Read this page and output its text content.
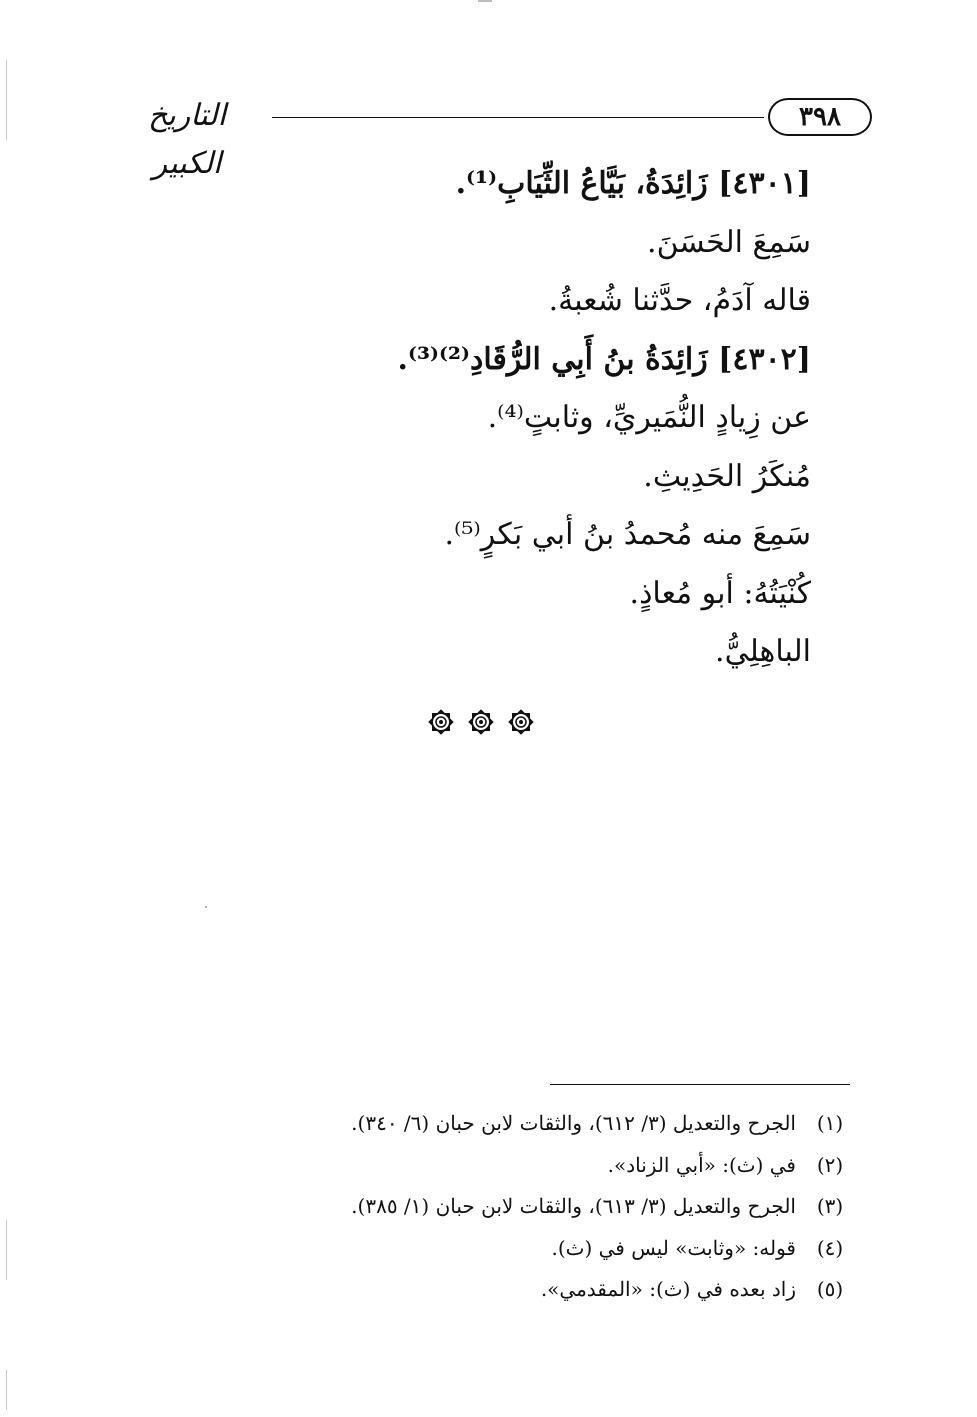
التاريخ الكبير
٣٩٨
[٤٣٠١] زَائِدَةُ، بَيَّاعُ الثِّيَابِ⁽¹⁾.
سَمِعَ الحَسَنَ.
قاله آدَمُ، حدَّثنا شُعبةُ.
[٤٣٠٢] زَائِدَةُ بنُ أَبِي الرُّقَادِ⁽²⁾⁽³⁾.
عن زِيادٍ النُّمَيريِّ، وثابتٍ⁽⁴⁾.
مُنكَرُ الحَدِيثِ.
سَمِعَ منه مُحمدُ بنُ أبي بَكرٍ⁽⁵⁾.
كُنْيَتُهُ: أبو مُعاذٍ.
الباهِلِيُّ.
(١)الجرح والتعديل (٣/ ٦١٢)، والثقات لابن حبان (٦/ ٣٤٠).
(٢)في (ث): «أبي الزناد».
(٣)الجرح والتعديل (٣/ ٦١٣)، والثقات لابن حبان (١/ ٣٨٥).
(٤)قوله: «وثابت» ليس في (ث).
(٥)زاد بعده في (ث): «المقدمي».
